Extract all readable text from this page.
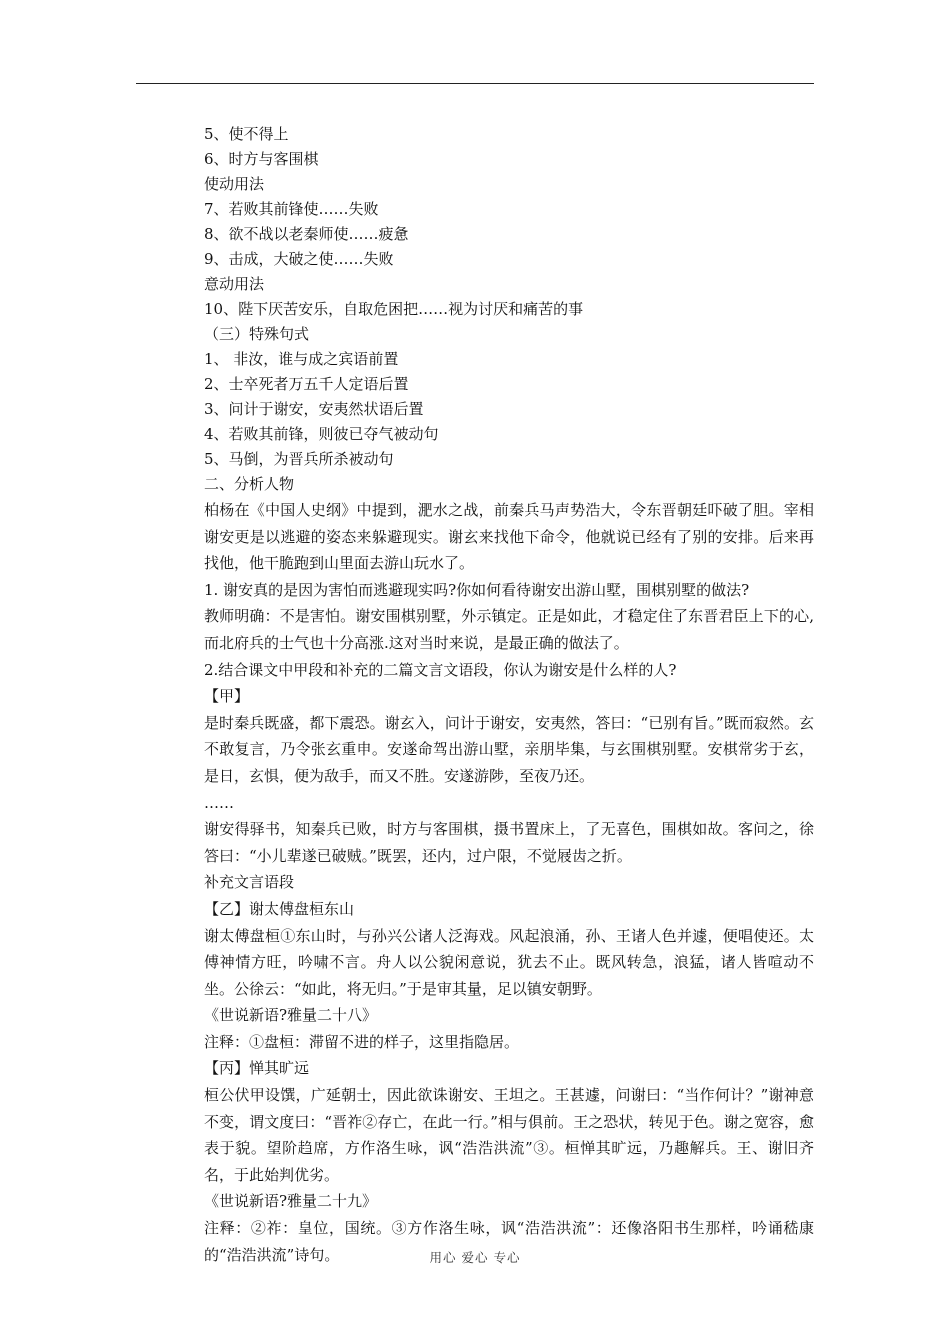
5、使不得上
6、时方与客围棋
使动用法
7、若败其前锋使……失败
8、欲不战以老秦师使……疲惫
9、击成，大破之使……失败
意动用法
10、陛下厌苦安乐，自取危困把……视为讨厌和痛苦的事
（三）特殊句式
1、 非汝，谁与成之宾语前置
2、士卒死者万五千人定语后置
3、问计于谢安，安夷然状语后置
4、若败其前锋，则彼已夺气被动句
5、马倒，为晋兵所杀被动句
二、分析人物
柏杨在《中国人史纲》中提到，淝水之战，前秦兵马声势浩大，令东晋朝廷吓破了胆。宰相谢安更是以逃避的姿态来躲避现实。谢玄来找他下命令，他就说已经有了别的安排。后来再找他，他干脆跑到山里面去游山玩水了。
1. 谢安真的是因为害怕而逃避现实吗?你如何看待谢安出游山墅，围棋别墅的做法?
教师明确：不是害怕。谢安围棋别墅，外示镇定。正是如此，才稳定住了东晋君臣上下的心,而北府兵的士气也十分高涨.这对当时来说，是最正确的做法了。
2.结合课文中甲段和补充的二篇文言文语段，你认为谢安是什么样的人?
【甲】
是时秦兵既盛，都下震恐。谢玄入，问计于谢安，安夷然，答曰：“已别有旨。”既而寂然。玄不敢复言，乃令张玄重申。安遂命驾出游山墅，亲朋毕集，与玄围棋别墅。安棋常劣于玄，是日，玄惧，便为敌手，而又不胜。安遂游陟，至夜乃还。
……
谢安得驿书，知秦兵已败，时方与客围棋，摄书置床上，了无喜色，围棋如故。客问之，徐答曰：“小儿辈遂已破贼。”既罢，还内，过户限，不觉屐齿之折。
补充文言语段
【乙】谢太傅盘桓东山
谢太傅盘桓①东山时，与孙兴公诸人泛海戏。风起浪涌，孙、王诸人色并遽，便唱使还。太傅神情方旺，吟啸不言。舟人以公貌闲意说，犹去不止。既风转急，浪猛，诸人皆喧动不坐。公徐云：“如此，将无归。”于是审其量，足以镇安朝野。
《世说新语?雅量二十八》
注释：①盘桓：滞留不进的样子，这里指隐居。
【丙】惮其旷远
桓公伏甲设馔，广延朝士，因此欲诛谢安、王坦之。王甚遽，问谢曰：“当作何计？”谢神意不变，谓文度曰：“晋祚②存亡，在此一行。”相与俱前。王之恐状，转见于色。谢之宽容，愈表于貌。望阶趋席，方作洛生咏，讽“浩浩洪流”③。桓惮其旷远，乃趣解兵。王、谢旧齐名，于此始判优劣。
《世说新语?雅量二十九》
注释：②祚：皇位，国统。③方作洛生咏，讽“浩浩洪流”：还像洛阳书生那样，吟诵嵇康的“浩浩洪流”诗句。	用心 爱心 专心
